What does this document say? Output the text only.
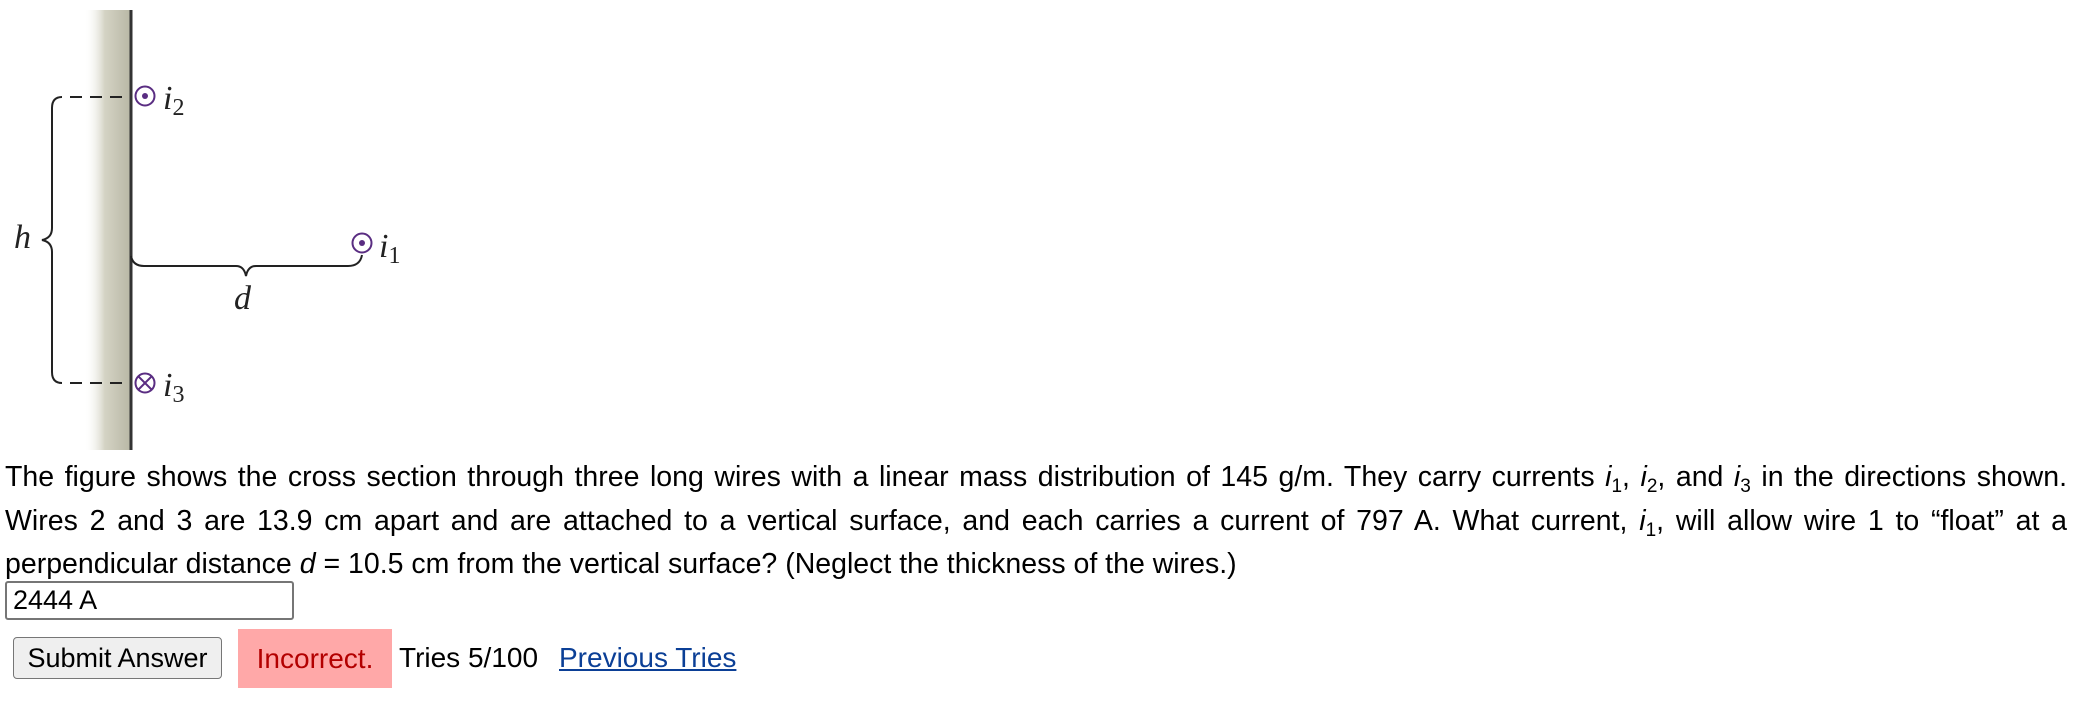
h
d
i2
i1
i3
The figure shows the cross section through three long wires with a linear mass distribution of 145 g/m. They carry currents $i_1$, $i_2$, and $i_3$ in the directions shown. Wires 2 and 3 are 13.9 cm apart and are attached to a vertical surface, and each carries a current of 797 A. What current, $i_1$, will allow wire 1 to “float” at a perpendicular distance d = 10.5 cm from the vertical surface? (Neglect the thickness of the wires.)
2444 A
Submit Answer	Incorrect. Tries 5/100 Previous Tries
